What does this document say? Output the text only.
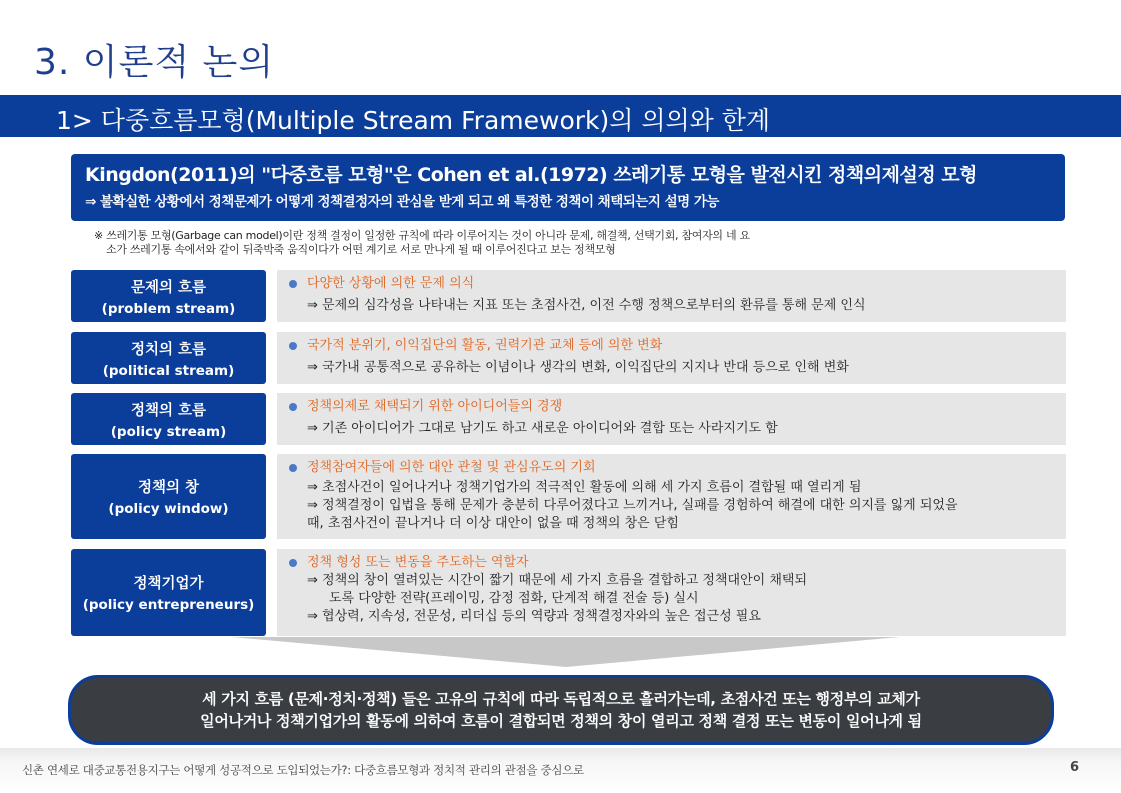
3. 이론적 논의
1> 다중흐름모형(Multiple Stream Framework)의 의의와 한계
Kingdon(2011)의 "다중흐름 모형"은 Cohen et al.(1972) 쓰레기통 모형을 발전시킨 정책의제설정 모형
⇒ 불확실한 상황에서 정책문제가 어떻게 정책결정자의 관심을 받게 되고 왜 특정한 정책이 채택되는지 설명 가능
※ 쓰레기통 모형(Garbage can model)이란 정책 결정이 일정한 규칙에 따라 이루어지는 것이 아니라 문제, 해결책, 선택기회, 참여자의 네 요
소가 쓰레기통 속에서와 같이 뒤죽박죽 움직이다가 어떤 계기로 서로 만나게 될 때 이루어진다고 보는 정책모형
문제의 흐름
(problem stream)
다양한 상황에 의한 문제 의식
⇒ 문제의 심각성을 나타내는 지표 또는 초점사건, 이전 수행 정책으로부터의 환류를 통해 문제 인식
정치의 흐름
(political stream)
국가적 분위기, 이익집단의 활동, 권력기관 교체 등에 의한 변화
⇒ 국가내 공통적으로 공유하는 이념이나 생각의 변화, 이익집단의 지지나 반대 등으로 인해 변화
정책의 흐름
(policy stream)
정책의제로 채택되기 위한 아이디어들의 경쟁
⇒ 기존 아이디어가 그대로 남기도 하고 새로운 아이디어와 결합 또는 사라지기도 함
정책의 창
(policy window)
정책참여자들에 의한 대안 관철 및 관심유도의 기회
⇒ 초점사건이 일어나거나 정책기업가의 적극적인 활동에 의해 세 가지 흐름이 결합될 때 열리게 됨
⇒ 정책결정이 입법을 통해 문제가 충분히 다루어졌다고 느끼거나, 실패를 경험하여 해결에 대한 의지를 잃게 되었을 때, 초점사건이 끝나거나 더 이상 대안이 없을 때 정책의 창은 닫힘
정책기업가
(policy entrepreneurs)
정책 형성 또는 변동을 주도하는 역할자
⇒ 정책의 창이 열려있는 시간이 짧기 때문에 세 가지 흐름을 결합하고 정책대안이 채택되
도록 다양한 전략(프레이밍, 감정 점화, 단계적 해결 전술 등) 실시
⇒ 협상력, 지속성, 전문성, 리더십 등의 역량과 정책결정자와의 높은 접근성 필요
세 가지 흐름 (문제·정치·정책) 들은 고유의 규칙에 따라 독립적으로 흘러가는데, 초점사건 또는 행정부의 교체가
일어나거나 정책기업가의 활동에 의하여 흐름이 결합되면 정책의 창이 열리고 정책 결정 또는 변동이 일어나게 됨
신촌 연세로 대중교통전용지구는 어떻게 성공적으로 도입되었는가?: 다중흐름모형과 정치적 관리의 관점을 중심으로	6
